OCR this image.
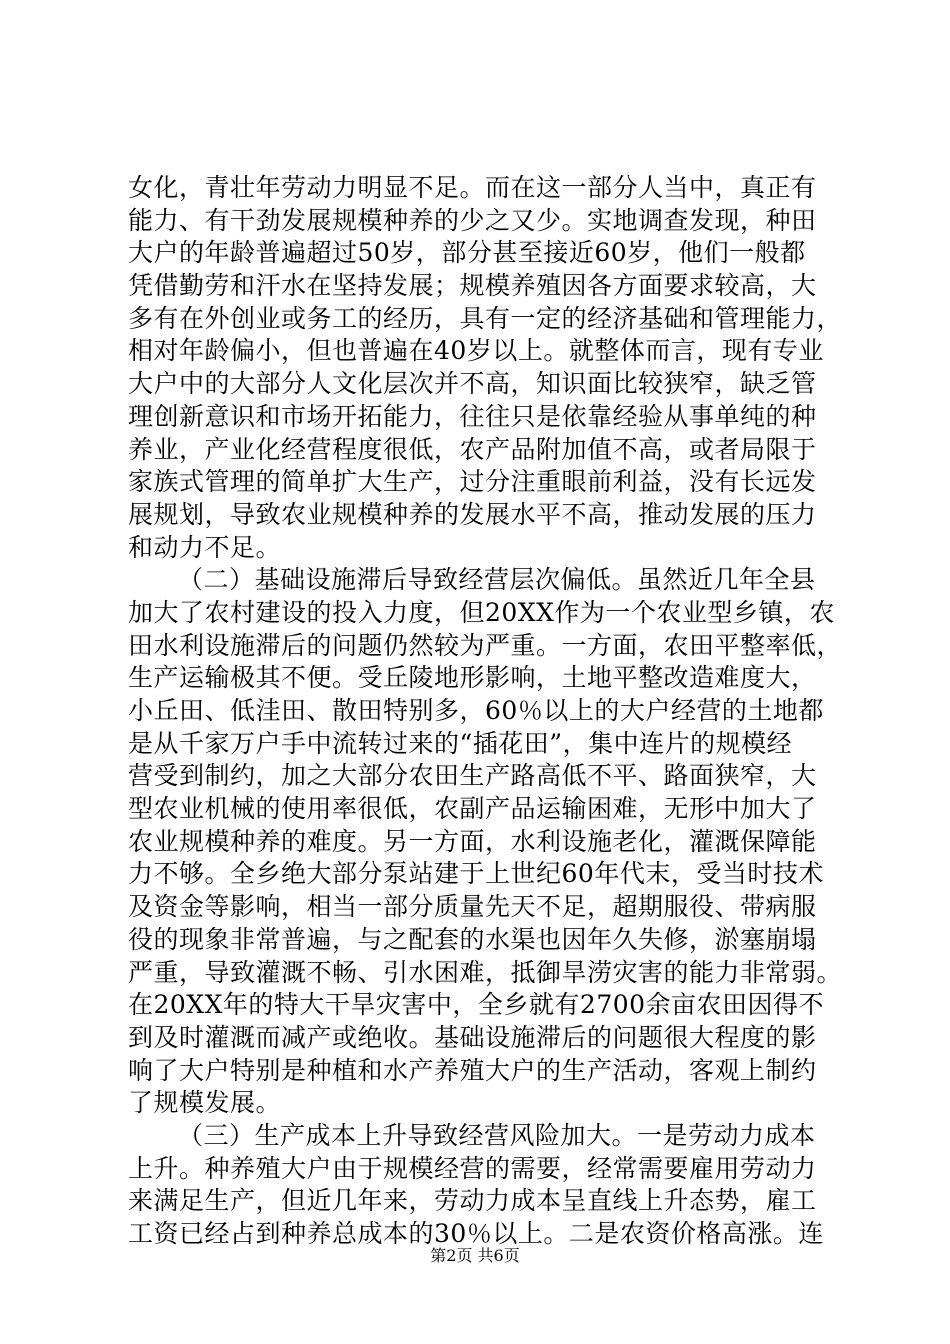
女化，青壮年劳动力明显不足。而在这一部分人当中，真正有
能力、有干劲发展规模种养的少之又少。实地调查发现，种田
大户的年龄普遍超过50岁，部分甚至接近60岁，他们一般都
凭借勤劳和汗水在坚持发展；规模养殖因各方面要求较高，大
多有在外创业或务工的经历，具有一定的经济基础和管理能力，
相对年龄偏小，但也普遍在40岁以上。就整体而言，现有专业
大户中的大部分人文化层次并不高，知识面比较狭窄，缺乏管
理创新意识和市场开拓能力，往往只是依靠经验从事单纯的种
养业，产业化经营程度很低，农产品附加值不高，或者局限于
家族式管理的简单扩大生产，过分注重眼前利益，没有长远发
展规划，导致农业规模种养的发展水平不高，推动发展的压力
和动力不足。
（二）基础设施滞后导致经营层次偏低。虽然近几年全县
加大了农村建设的投入力度，但20XX作为一个农业型乡镇，农
田水利设施滞后的问题仍然较为严重。一方面，农田平整率低，
生产运输极其不便。受丘陵地形影响，土地平整改造难度大，
小丘田、低洼田、散田特别多，60％以上的大户经营的土地都
是从千家万户手中流转过来的“插花田”，集中连片的规模经
营受到制约，加之大部分农田生产路高低不平、路面狭窄，大
型农业机械的使用率很低，农副产品运输困难，无形中加大了
农业规模种养的难度。另一方面，水利设施老化，灌溉保障能
力不够。全乡绝大部分泵站建于上世纪60年代末，受当时技术
及资金等影响，相当一部分质量先天不足，超期服役、带病服
役的现象非常普遍，与之配套的水渠也因年久失修，淤塞崩塌
严重，导致灌溉不畅、引水困难，抵御旱涝灾害的能力非常弱。
在20XX年的特大干旱灾害中，全乡就有2700余亩农田因得不
到及时灌溉而减产或绝收。基础设施滞后的问题很大程度的影
响了大户特别是种植和水产养殖大户的生产活动，客观上制约
了规模发展。
（三）生产成本上升导致经营风险加大。一是劳动力成本
上升。种养殖大户由于规模经营的需要，经常需要雇用劳动力
来满足生产，但近几年来，劳动力成本呈直线上升态势，雇工
工资已经占到种养总成本的30％以上。二是农资价格高涨。连
第2页 共6页
